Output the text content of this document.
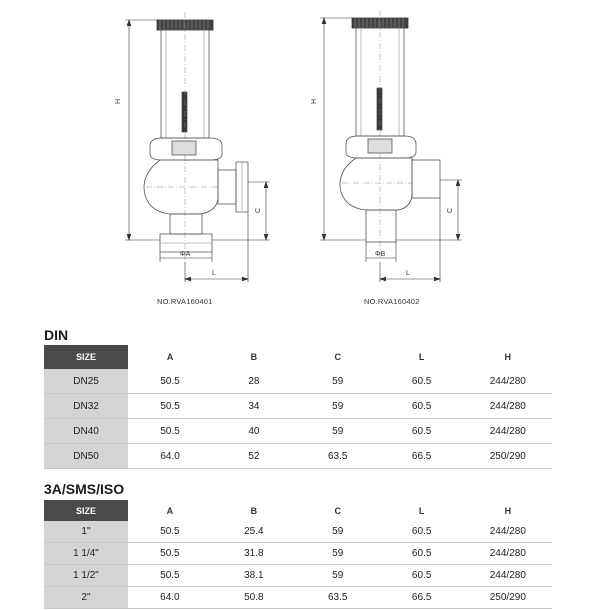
H
C
ΦA
L
H
C
ΦB
L
NO.RVA160401	NO.RVA160402
DIN
SIZE	A	B	C	L	H
DN25	50.5	28	59	60.5	244/280
DN32	50.5	34	59	60.5	244/280
DN40	50.5	40	59	60.5	244/280
DN50	64.0	52	63.5	66.5	250/290
3A/SMS/ISO
SIZE	A	B	C	L	H
1"	50.5	25.4	59	60.5	244/280
1 1/4"	50.5	31.8	59	60.5	244/280
1 1/2"	50.5	38.1	59	60.5	244/280
2"	64.0	50.8	63.5	66.5	250/290
